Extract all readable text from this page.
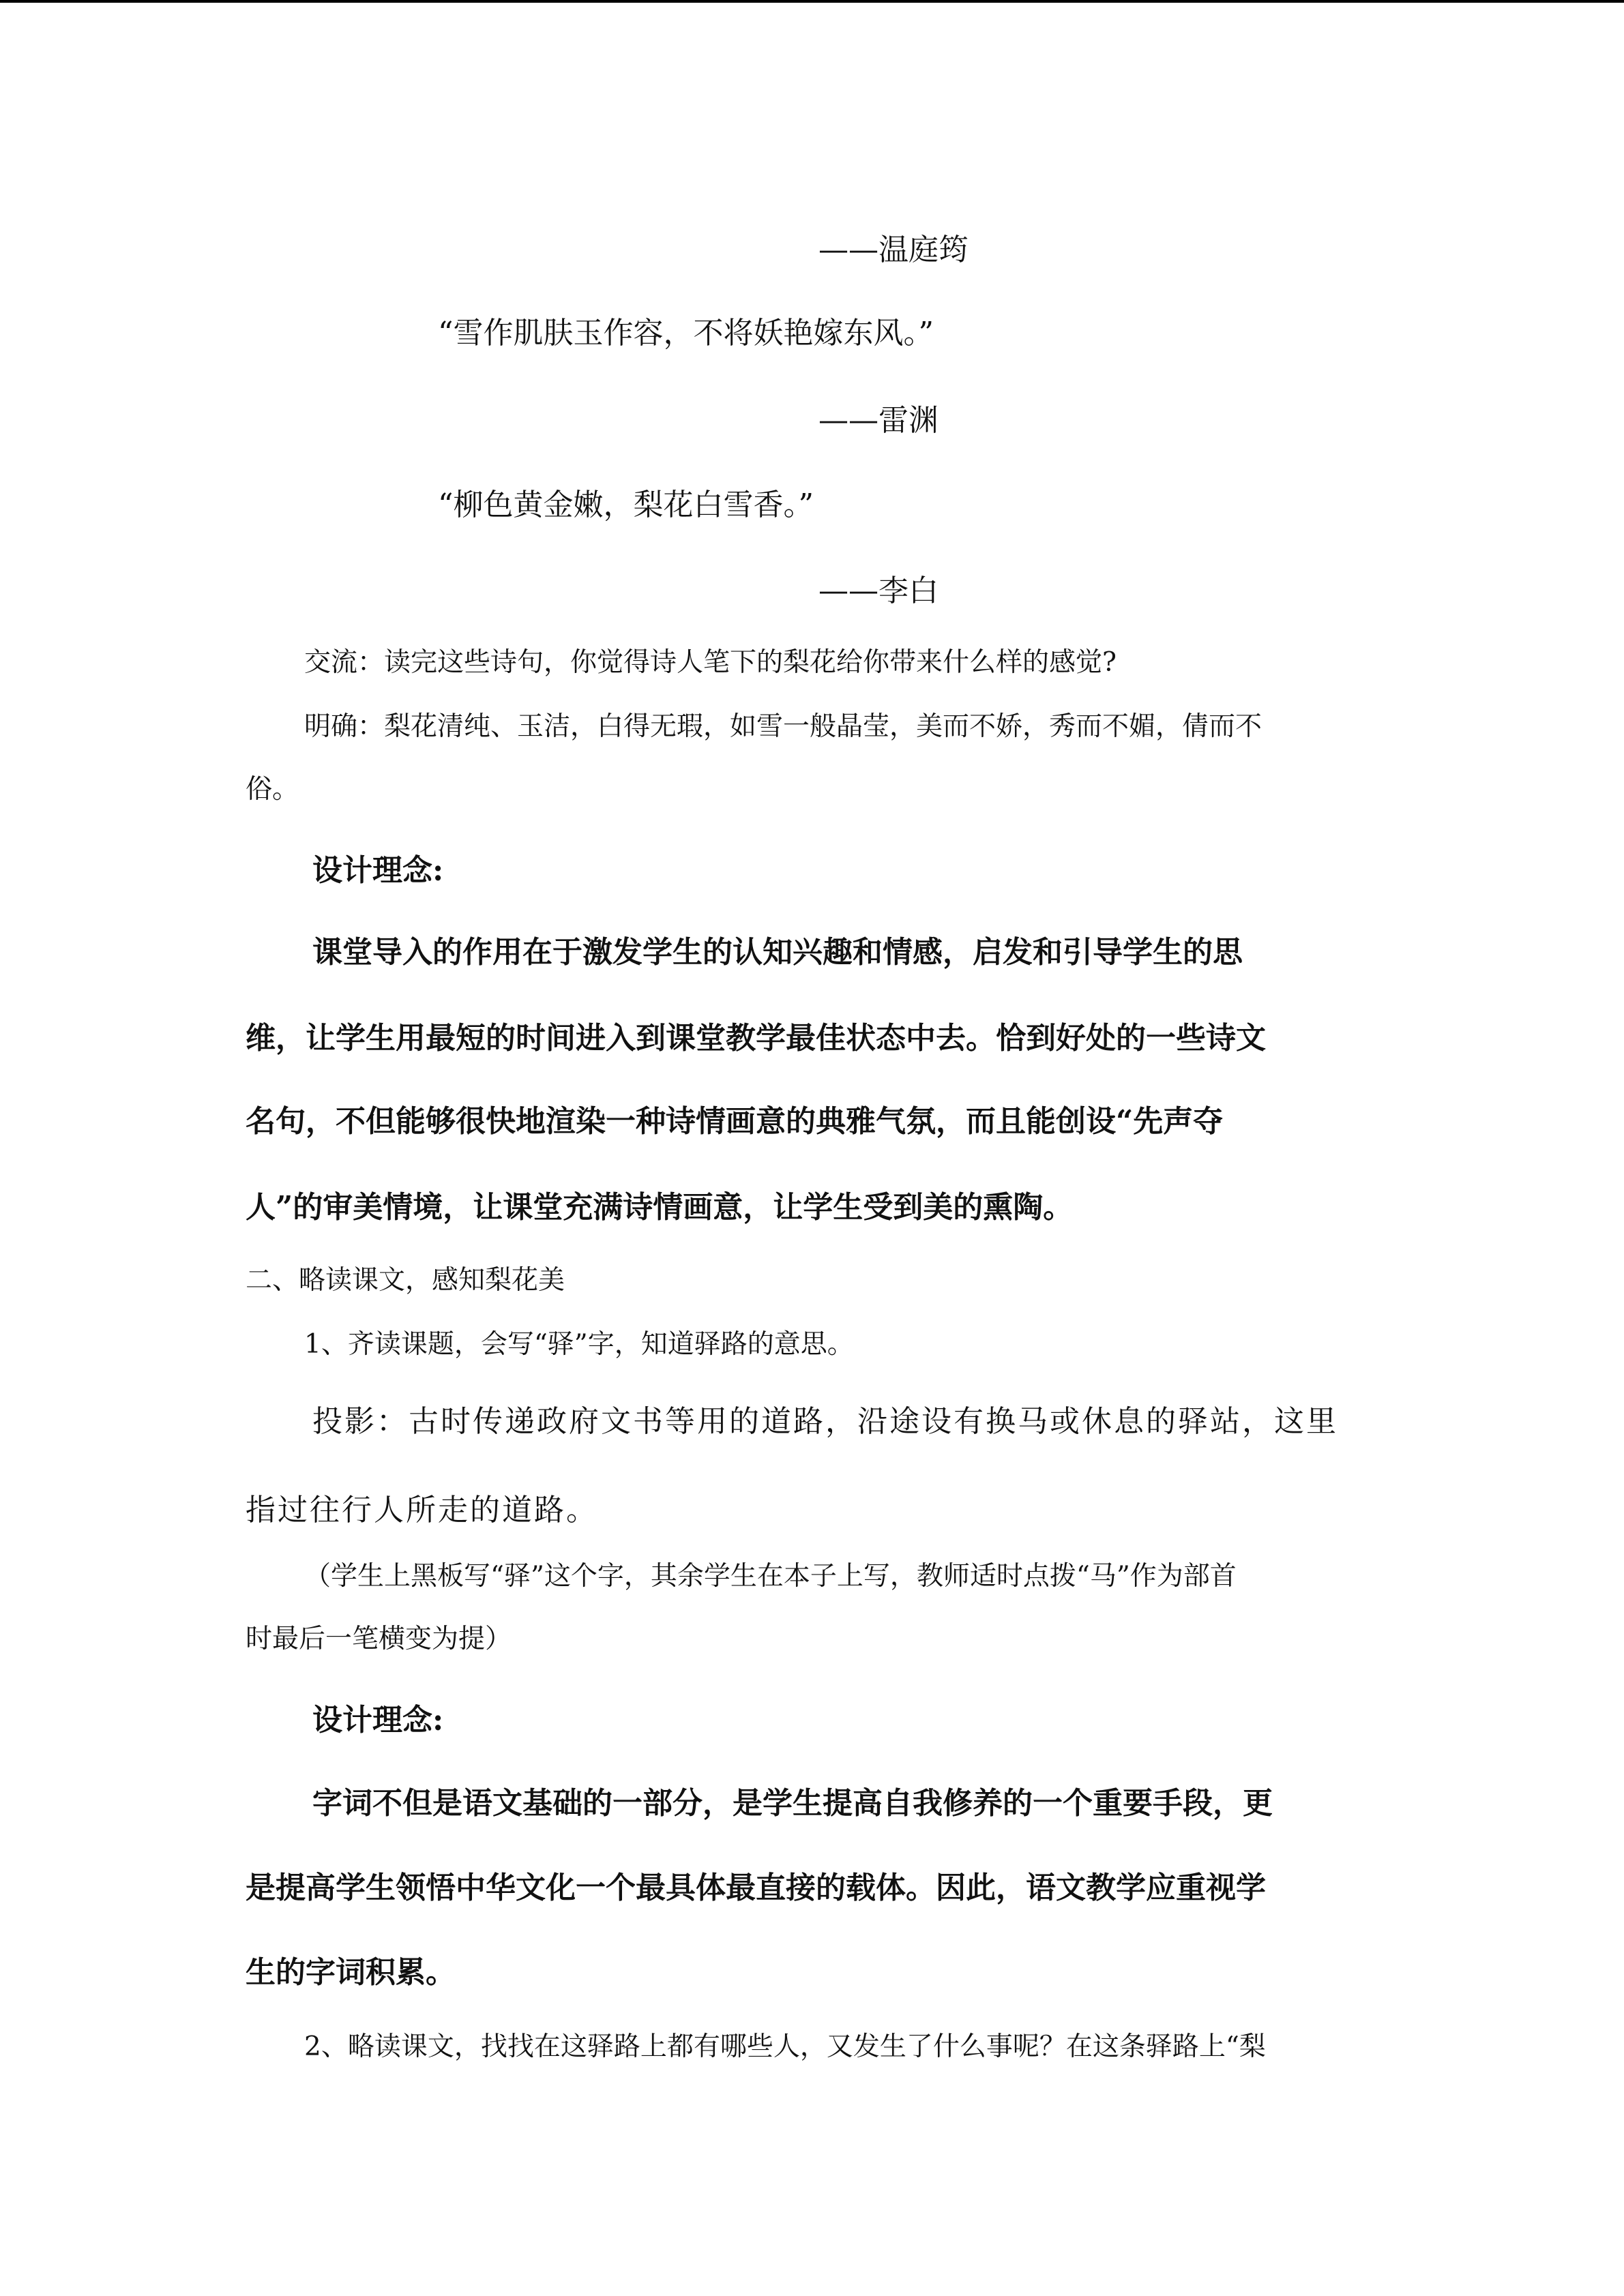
——温庭筠
“雪作肌肤玉作容，不将妖艳嫁东风。”
——雷渊
“柳色黄金嫩，梨花白雪香。”
——李白
交流：读完这些诗句，你觉得诗人笔下的梨花给你带来什么样的感觉?
明确：梨花清纯、玉洁，白得无瑕，如雪一般晶莹，美而不娇，秀而不媚，倩而不
俗。
设计理念:
课堂导入的作用在于激发学生的认知兴趣和情感，启发和引导学生的思
维，让学生用最短的时间进入到课堂教学最佳状态中去。恰到好处的一些诗文
名句，不但能够很快地渲染一种诗情画意的典雅气氛，而且能创设“先声夺
人”的审美情境，让课堂充满诗情画意，让学生受到美的熏陶。
二、略读课文，感知梨花美
1、齐读课题，会写“驿”字，知道驿路的意思。
投影：古时传递政府文书等用的道路，沿途设有换马或休息的驿站，这里
指过往行人所走的道路。
（学生上黑板写“驿”这个字，其余学生在本子上写，教师适时点拨“马”作为部首
时最后一笔横变为提）
设计理念:
字词不但是语文基础的一部分，是学生提高自我修养的一个重要手段，更
是提高学生领悟中华文化一个最具体最直接的载体。因此，语文教学应重视学
生的字词积累。
2、略读课文，找找在这驿路上都有哪些人，又发生了什么事呢？在这条驿路上“梨
